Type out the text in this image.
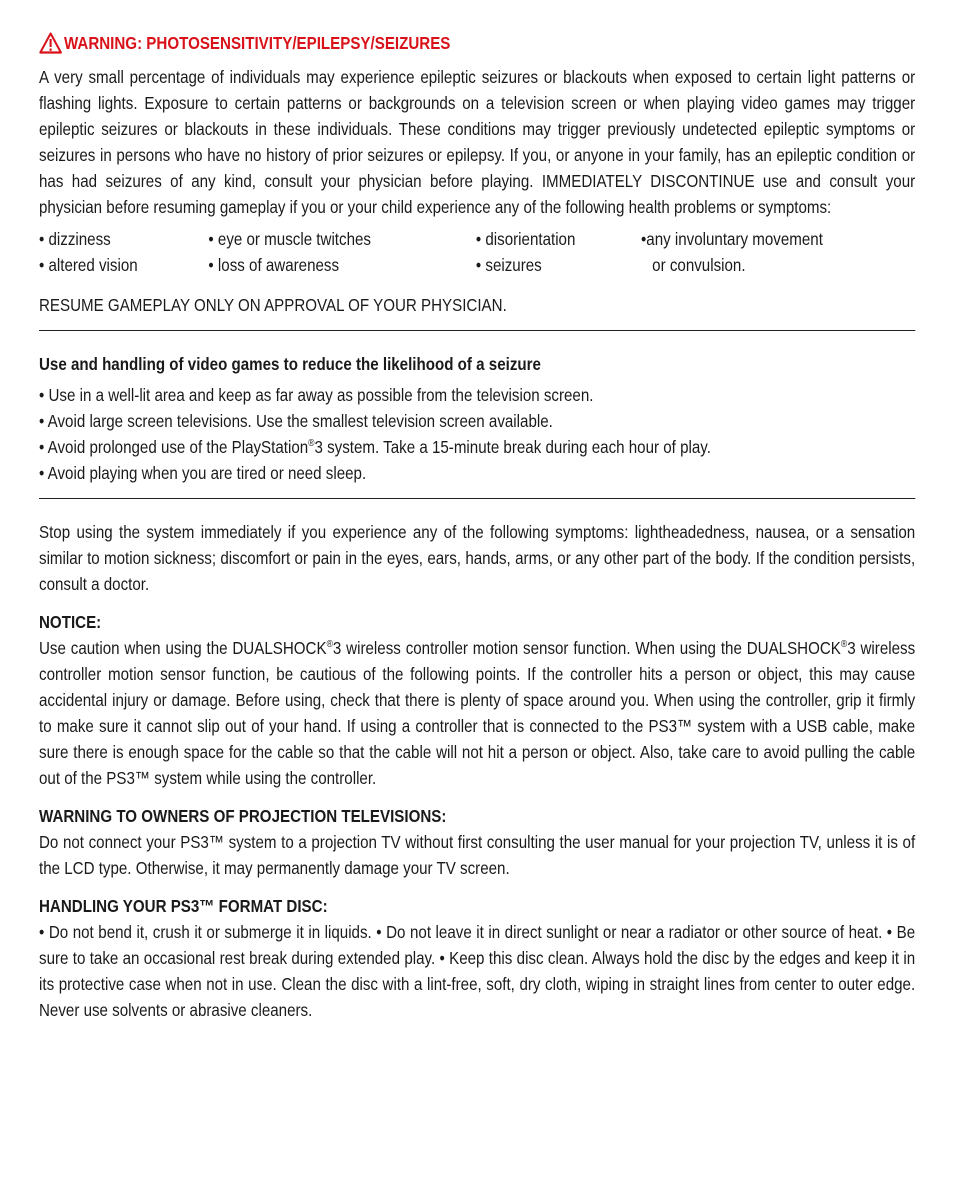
WARNING: PHOTOSENSITIVITY/EPILEPSY/SEIZURES

A very small percentage of individuals may experience epileptic seizures or blackouts when exposed to certain light patterns or flashing lights. Exposure to certain patterns or backgrounds on a television screen or when playing video games may trigger epileptic seizures or blackouts in these individuals. These conditions may trigger previously undetected epileptic symptoms or seizures in persons who have no history of prior seizures or epilepsy. If you, or anyone in your family, has an epileptic condition or has had seizures of any kind, consult your physician before playing. IMMEDIATELY DISCONTINUE use and consult your physician before resuming gameplay if you or your child experience any of the following health problems or symptoms:

• dizziness
• altered vision
• eye or muscle twitches
• loss of awareness
• disorientation
• seizures
•any involuntary movement
or convulsion.

RESUME GAMEPLAY ONLY ON APPROVAL OF YOUR PHYSICIAN.

Use and handling of video games to reduce the likelihood of a seizure
• Use in a well-lit area and keep as far away as possible from the television screen.
• Avoid large screen televisions. Use the smallest television screen available.
• Avoid prolonged use of the PlayStation®3 system. Take a 15-minute break during each hour of play.
• Avoid playing when you are tired or need sleep.

Stop using the system immediately if you experience any of the following symptoms: lightheadedness, nausea, or a sensation similar to motion sickness; discomfort or pain in the eyes, ears, hands, arms, or any other part of the body. If the condition persists, consult a doctor.

NOTICE:

Use caution when using the DUALSHOCK®3 wireless controller motion sensor function. When using the DUALSHOCK®3 wireless controller motion sensor function, be cautious of the following points. If the controller hits a person or object, this may cause accidental injury or damage. Before using, check that there is plenty of space around you. When using the controller, grip it firmly to make sure it cannot slip out of your hand. If using a controller that is connected to the PS3™ system with a USB cable, make sure there is enough space for the cable so that the cable will not hit a person or object. Also, take care to avoid pulling the cable out of the PS3™ system while using the controller.

WARNING TO OWNERS OF PROJECTION TELEVISIONS:

Do not connect your PS3™ system to a projection TV without first consulting the user manual for your projection TV, unless it is of the LCD type. Otherwise, it may permanently damage your TV screen.

HANDLING YOUR PS3™ FORMAT DISC:

• Do not bend it, crush it or submerge it in liquids. • Do not leave it in direct sunlight or near a radiator or other source of heat. • Be sure to take an occasional rest break during extended play. • Keep this disc clean. Always hold the disc by the edges and keep it in its protective case when not in use. Clean the disc with a lint-free, soft, dry cloth, wiping in straight lines from center to outer edge. Never use solvents or abrasive cleaners.
